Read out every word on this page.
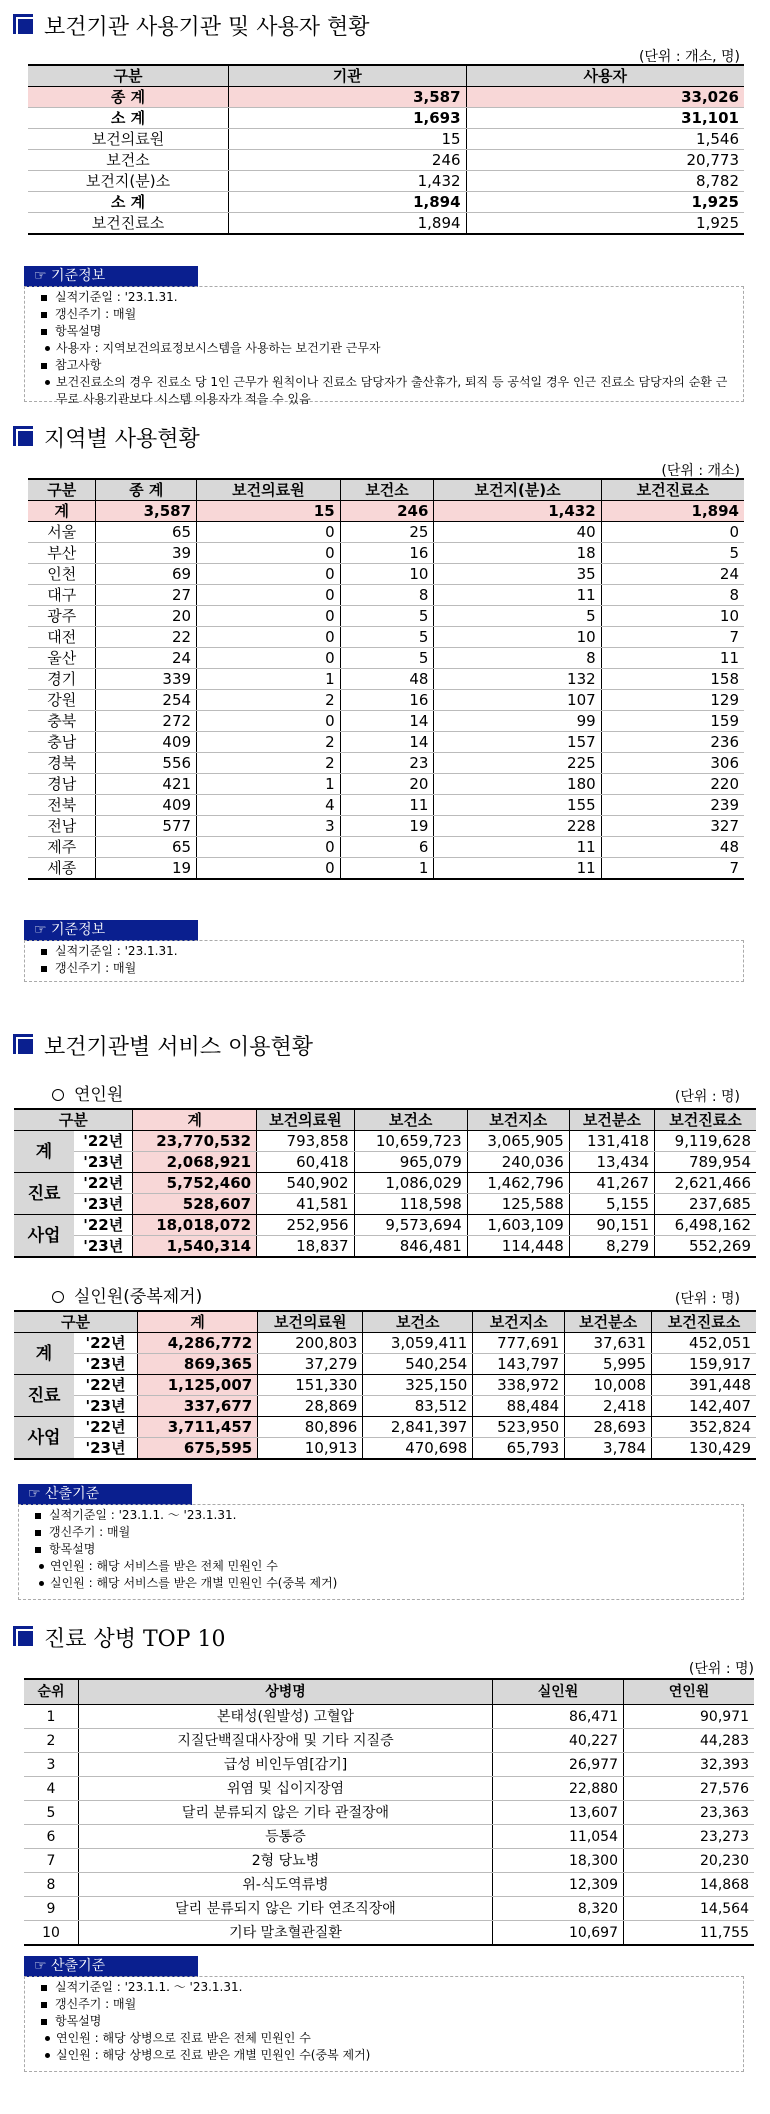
보건기관 사용기관 및 사용자 현황
(단위 : 개소, 명)
구분	기관	사용자
종 계	3,587	33,026
소 계	1,693	31,101
보건의료원	15	1,546
보건소	246	20,773
보건지(분)소	1,432	8,782
소 계	1,894	1,925
보건진료소	1,894	1,925
☞ 기준정보
실적기준일 : '23.1.31.
갱신주기 : 매월
항목설명
사용자 : 지역보건의료정보시스템을 사용하는 보건기관 근무자
참고사항
보건진료소의 경우 진료소 당 1인 근무가 원칙이나 진료소 담당자가 출산휴가, 퇴직 등 공석일 경우 인근 진료소 담당자의 순환 근무로 사용기관보다 시스템 이용자가 적을 수 있음
지역별 사용현황
(단위 : 개소)
구분	종 계	보건의료원	보건소	보건지(분)소	보건진료소
계	3,587	15	246	1,432	1,894
서울	65	0	25	40	0
부산	39	0	16	18	5
인천	69	0	10	35	24
대구	27	0	8	11	8
광주	20	0	5	5	10
대전	22	0	5	10	7
울산	24	0	5	8	11
경기	339	1	48	132	158
강원	254	2	16	107	129
충북	272	0	14	99	159
충남	409	2	14	157	236
경북	556	2	23	225	306
경남	421	1	20	180	220
전북	409	4	11	155	239
전남	577	3	19	228	327
제주	65	0	6	11	48
세종	19	0	1	11	7
☞ 기준정보
실적기준일 : '23.1.31.
갱신주기 : 매월
보건기관별 서비스 이용현황
연인원	(단위 : 명)
구분		계	보건의료원	보건소	보건지소	보건분소	보건진료소
계	'22년	23,770,532	793,858	10,659,723	3,065,905	131,418	9,119,628
	'23년	2,068,921	60,418	965,079	240,036	13,434	789,954
진료	'22년	5,752,460	540,902	1,086,029	1,462,796	41,267	2,621,466
	'23년	528,607	41,581	118,598	125,588	5,155	237,685
사업	'22년	18,018,072	252,956	9,573,694	1,603,109	90,151	6,498,162
	'23년	1,540,314	18,837	846,481	114,448	8,279	552,269
실인원(중복제거)	(단위 : 명)
구분		계	보건의료원	보건소	보건지소	보건분소	보건진료소
계	'22년	4,286,772	200,803	3,059,411	777,691	37,631	452,051
	'23년	869,365	37,279	540,254	143,797	5,995	159,917
진료	'22년	1,125,007	151,330	325,150	338,972	10,008	391,448
	'23년	337,677	28,869	83,512	88,484	2,418	142,407
사업	'22년	3,711,457	80,896	2,841,397	523,950	28,693	352,824
	'23년	675,595	10,913	470,698	65,793	3,784	130,429
☞ 산출기준
실적기준일 : '23.1.1. ～ '23.1.31.
갱신주기 : 매월
항목설명
연인원 : 해당 서비스를 받은 전체 민원인 수
실인원 : 해당 서비스를 받은 개별 민원인 수(중복 제거)
진료 상병 TOP 10
(단위 : 명)
순위	상병명	실인원	연인원
1	본태성(원발성) 고혈압	86,471	90,971
2	지질단백질대사장애 및 기타 지질증	40,227	44,283
3	급성 비인두염[감기]	26,977	32,393
4	위염 및 십이지장염	22,880	27,576
5	달리 분류되지 않은 기타 관절장애	13,607	23,363
6	등통증	11,054	23,273
7	2형 당뇨병	18,300	20,230
8	위-식도역류병	12,309	14,868
9	달리 분류되지 않은 기타 연조직장애	8,320	14,564
10	기타 말초혈관질환	10,697	11,755
☞ 산출기준
실적기준일 : '23.1.1. ～ '23.1.31.
갱신주기 : 매월
항목설명
연인원 : 해당 상병으로 진료 받은 전체 민원인 수
실인원 : 해당 상병으로 진료 받은 개별 민원인 수(중복 제거)
